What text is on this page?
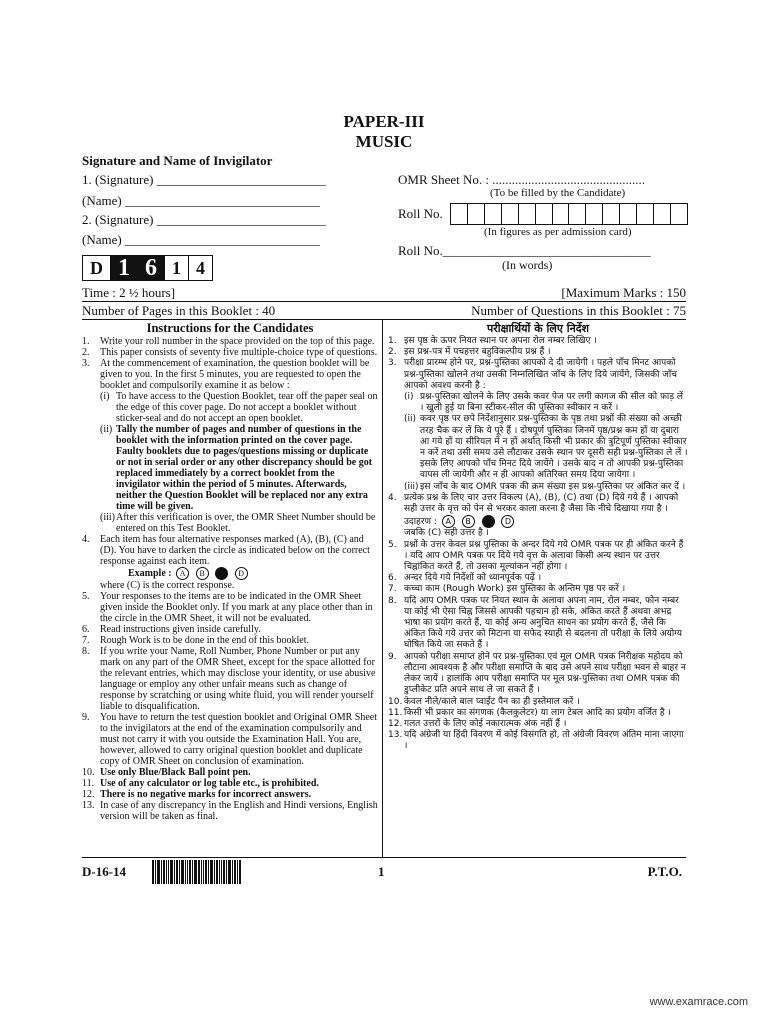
PAPER-III
MUSIC
Signature and Name of Invigilator
1. (Signature) __________________________
(Name) ______________________________
2. (Signature) __________________________
(Name) ______________________________
OMR Sheet No. : ...............................................
(To be filled by the Candidate)
Roll No.
(In figures as per admission card)
Roll No.________________________________
(In words)
D 1 6 1 4
Time : 2 ½ hours]	[Maximum Marks : 150
Number of Pages in this Booklet : 40	Number of Questions in this Booklet : 75
Instructions for the Candidates
1. Write your roll number in the space provided on the top of this page.
2. This paper consists of seventy five multiple-choice type of questions.
3. At the commencement of examination, the question booklet will be given to you. In the first 5 minutes, you are requested to open the booklet and compulsorily examine it as below :
(i) To have access to the Question Booklet, tear off the paper seal on the edge of this cover page. Do not accept a booklet without sticker-seal and do not accept an open booklet.
(ii) Tally the number of pages and number of questions in the booklet with the information printed on the cover page. Faulty booklets due to pages/questions missing or duplicate or not in serial order or any other discrepancy should be got replaced immediately by a correct booklet from the invigilator within the period of 5 minutes. Afterwards, neither the Question Booklet will be replaced nor any extra time will be given.
(iii) After this verification is over, the OMR Sheet Number should be entered on this Test Booklet.
4. Each item has four alternative responses marked (A), (B), (C) and (D). You have to darken the circle as indicated below on the correct response against each item.
Example : A B	D
where (C) is the correct response.
5. Your responses to the items are to be indicated in the OMR Sheet given inside the Booklet only. If you mark at any place other than in the circle in the OMR Sheet, it will not be evaluated.
6. Read instructions given inside carefully.
7. Rough Work is to be done in the end of this booklet.
8. If you write your Name, Roll Number, Phone Number or put any mark on any part of the OMR Sheet, except for the space allotted for the relevant entries, which may disclose your identity, or use abusive language or employ any other unfair means such as change of response by scratching or using white fluid, you will render yourself liable to disqualification.
9. You have to return the test question booklet and Original OMR Sheet to the invigilators at the end of the examination compulsorily and must not carry it with you outside the Examination Hall. You are, however, allowed to carry original question booklet and duplicate copy of OMR Sheet on conclusion of examination.
10. Use only Blue/Black Ball point pen.
11. Use of any calculator or log table etc., is prohibited.
12. There is no negative marks for incorrect answers.
13. In case of any discrepancy in the English and Hindi versions, English version will be taken as final.
परीक्षार्थियों के लिए निर्देश
1. इस पृष्ठ के ऊपर नियत स्थान पर अपना रोल नम्बर लिखिए ।
2. इस प्रश्न-पत्र में पचहत्तर बहुविकल्पीय प्रश्न हैं ।
3. परीक्षा प्रारम्भ होने पर, प्रश्न-पुस्तिका आपको दे दी जायेगी । पहले पाँच मिनट आपको प्रश्न-पुस्तिका खोलने तथा उसकी निम्नलिखित जाँच के लिए दिये जायेंगे, जिसकी जाँच आपको अवश्य करनी है :
(i) प्रश्न-पुस्तिका खोलने के लिए उसके कवर पेज पर लगी कागज की सील को फाड़ लें । खुली हुई या बिना स्टीकर-सील की पुस्तिका स्वीकार न करें ।
(ii) कवर पृष्ठ पर छपे निर्देशानुसार प्रश्न-पुस्तिका के पृष्ठ तथा प्रश्नों की संख्या को अच्छी तरह चैक कर लें कि ये पूरे हैं । दोषपूर्ण पुस्तिका जिनमें पृष्ठ/प्रश्न कम हों या दुबारा आ गये हों या सीरियल में न हों अर्थात् किसी भी प्रकार की त्रुटिपूर्ण पुस्तिका स्वीकार न करें तथा उसी समय उसे लौटाकर उसके स्थान पर दूसरी सही प्रश्न-पुस्तिका ले लें । इसके लिए आपको पाँच मिनट दिये जायेंगे । उसके बाद न तो आपकी प्रश्न-पुस्तिका वापस ली जायेगी और न ही आपको अतिरिक्त समय दिया जायेगा ।
(iii) इस जाँच के बाद OMR पत्रक की क्रम संख्या इस प्रश्न-पुस्तिका पर अंकित कर दें ।
4. प्रत्येक प्रश्न के लिए चार उत्तर विकल्प (A), (B), (C) तथा (D) दिये गये हैं । आपको सही उत्तर के वृत्त को पेन से भरकर काला करना है जैसा कि नीचे दिखाया गया है ।
उदाहरण : A B	D
जबकि (C) सही उत्तर है ।
5. प्रश्नों के उत्तर केवल प्रश्न पुस्तिका के अन्दर दिये गये OMR पत्रक पर ही अंकित करने हैं । यदि आप OMR पत्रक पर दिये गये वृत्त के अलावा किसी अन्य स्थान पर उत्तर चिह्नांकित करते हैं, तो उसका मूल्यांकन नहीं होगा ।
6. अन्दर दिये गये निर्देशों को ध्यानपूर्वक पढ़ें ।
7. कच्चा काम (Rough Work) इस पुस्तिका के अन्तिम पृष्ठ पर करें ।
8. यदि आप OMR पत्रक पर नियत स्थान के अलावा अपना नाम, रोल नम्बर, फोन नम्बर या कोई भी ऐसा चिह्न जिससे आपकी पहचान हो सके, अंकित करते हैं अथवा अभद्र भाषा का प्रयोग करते हैं, या कोई अन्य अनुचित साधन का प्रयोग करते हैं, जैसे कि अंकित किये गये उत्तर को मिटाना या सफेद स्याही से बदलना तो परीक्षा के लिये अयोग्य घोषित किये जा सकते हैं ।
9. आपको परीक्षा समाप्त होने पर प्रश्न-पुस्तिका एवं मूल OMR पत्रक निरीक्षक महोदय को लौटाना आवश्यक है और परीक्षा समाप्ति के बाद उसे अपने साथ परीक्षा भवन से बाहर न लेकर जायें । हालांकि आप परीक्षा समाप्ति पर मूल प्रश्न-पुस्तिका तथा OMR पत्रक की डुप्लीकेट प्रति अपने साथ ले जा सकते हैं ।
10. केवल नीले/काले बाल प्वाईंट पैन का ही इस्तेमाल करें ।
11. किसी भी प्रकार का संगणक (कैलकुलेटर) या लाग टेबल आदि का प्रयोग वर्जित है ।
12. गलत उत्तरों के लिए कोई नकारात्मक अंक नहीं हैं ।
13. यदि अंग्रेजी या हिंदी विवरण में कोई विसंगति हो, तो अंग्रेजी विवरण अंतिम माना जाएगा ।
D-16-14	1	P.T.O.
www.examrace.com
